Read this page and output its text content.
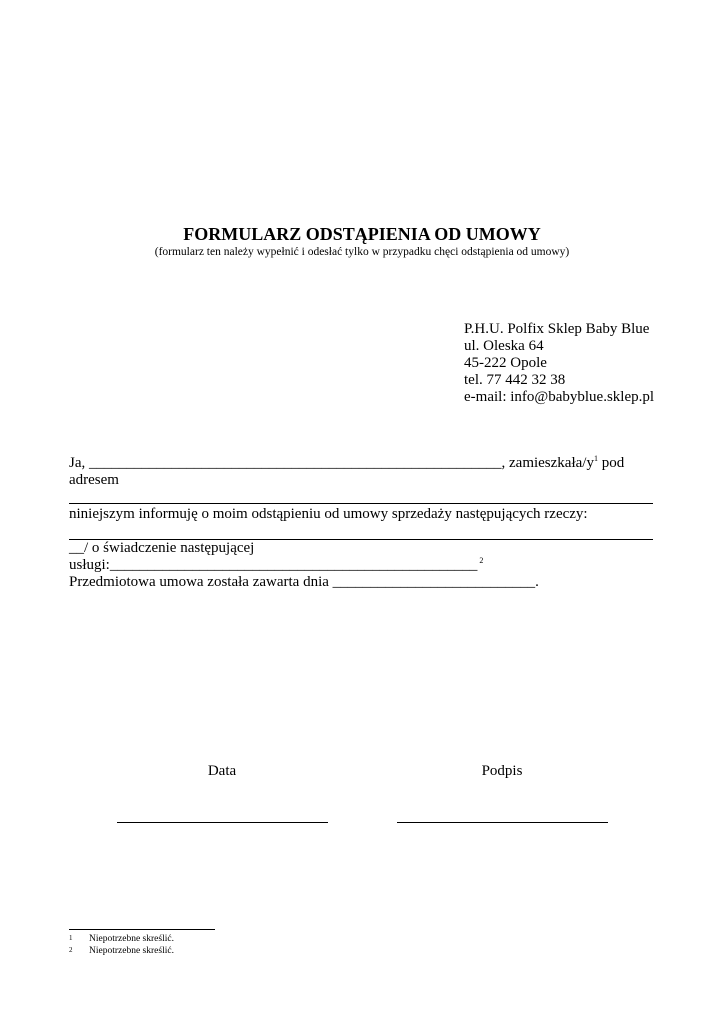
FORMULARZ ODSTĄPIENIA OD UMOWY
(formularz ten należy wypełnić i odesłać tylko w przypadku chęci odstąpienia od umowy)
P.H.U. Polfix Sklep Baby Blue
ul. Oleska 64
45-222 Opole
tel. 77 442 32 38
e-mail: info@babyblue.sklep.pl
Ja, _______________________________________________________, zamieszkała/$y^1$ pod
adresem
niniejszym informuję o moim odstąpieniu od umowy sprzedaży następujących rzeczy:
__/ o świadczenie następującej
usługi:_________________________________________________ $^2$
Przedmiotowa umowa została zawarta dnia ___________________________.
Data	Podpis
1 Niepotrzebne skreślić.
2 Niepotrzebne skreślić.
